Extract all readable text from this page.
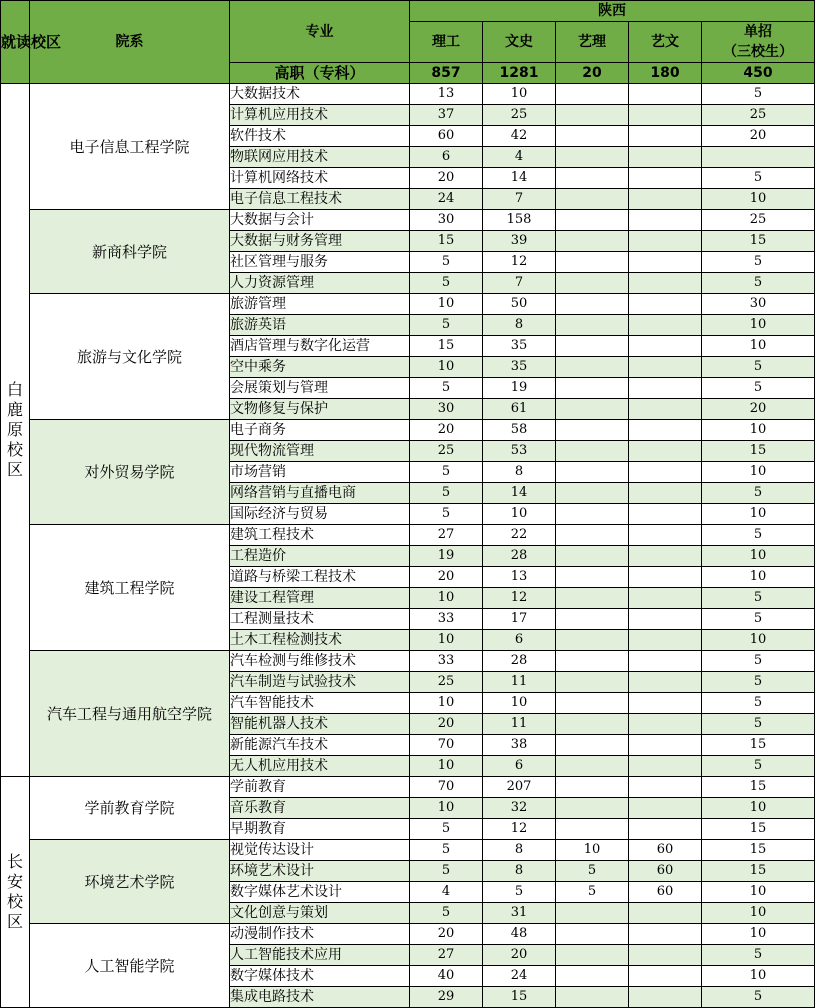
就读校区	院系	专业	陕西				
			理工	文史	艺理	艺文	单招
（三校生）
		高职（专科）	857	1281	20	180	450

白
鹿
原
校
区	电子信息工程学院	大数据技术	13	10			5
		计算机应用技术	37	25			25
		软件技术	60	42			20
		物联网应用技术	6	4			
		计算机网络技术	20	14			5
		电子信息工程技术	24	7			10
	新商科学院	大数据与会计	30	158			25
		大数据与财务管理	15	39			15
		社区管理与服务	5	12			5
		人力资源管理	5	7			5
	旅游与文化学院	旅游管理	10	50			30
		旅游英语	5	8			10
		酒店管理与数字化运营	15	35			10
		空中乘务	10	35			5
		会展策划与管理	5	19			5
		文物修复与保护	30	61			20
	对外贸易学院	电子商务	20	58			10
		现代物流管理	25	53			15
		市场营销	5	8			10
		网络营销与直播电商	5	14			5
		国际经济与贸易	5	10			10
	建筑工程学院	建筑工程技术	27	22			5
		工程造价	19	28			10
		道路与桥梁工程技术	20	13			10
		建设工程管理	10	12			5
		工程测量技术	33	17			5
		土木工程检测技术	10	6			10
	汽车工程与通用航空学院	汽车检测与维修技术	33	28			5
		汽车制造与试验技术	25	11			5
		汽车智能技术	10	10			5
		智能机器人技术	20	11			5
		新能源汽车技术	70	38			15
		无人机应用技术	10	6			5

长
安
校
区	学前教育学院	学前教育	70	207			15
		音乐教育	10	32			10
		早期教育	5	12			15
	环境艺术学院	视觉传达设计	5	8	10	60	15
		环境艺术设计	5	8	5	60	15
		数字媒体艺术设计	4	5	5	60	10
		文化创意与策划	5	31			10
	人工智能学院	动漫制作技术	20	48			10
		人工智能技术应用	27	20			5
		数字媒体技术	40	24			10
		集成电路技术	29	15			5
